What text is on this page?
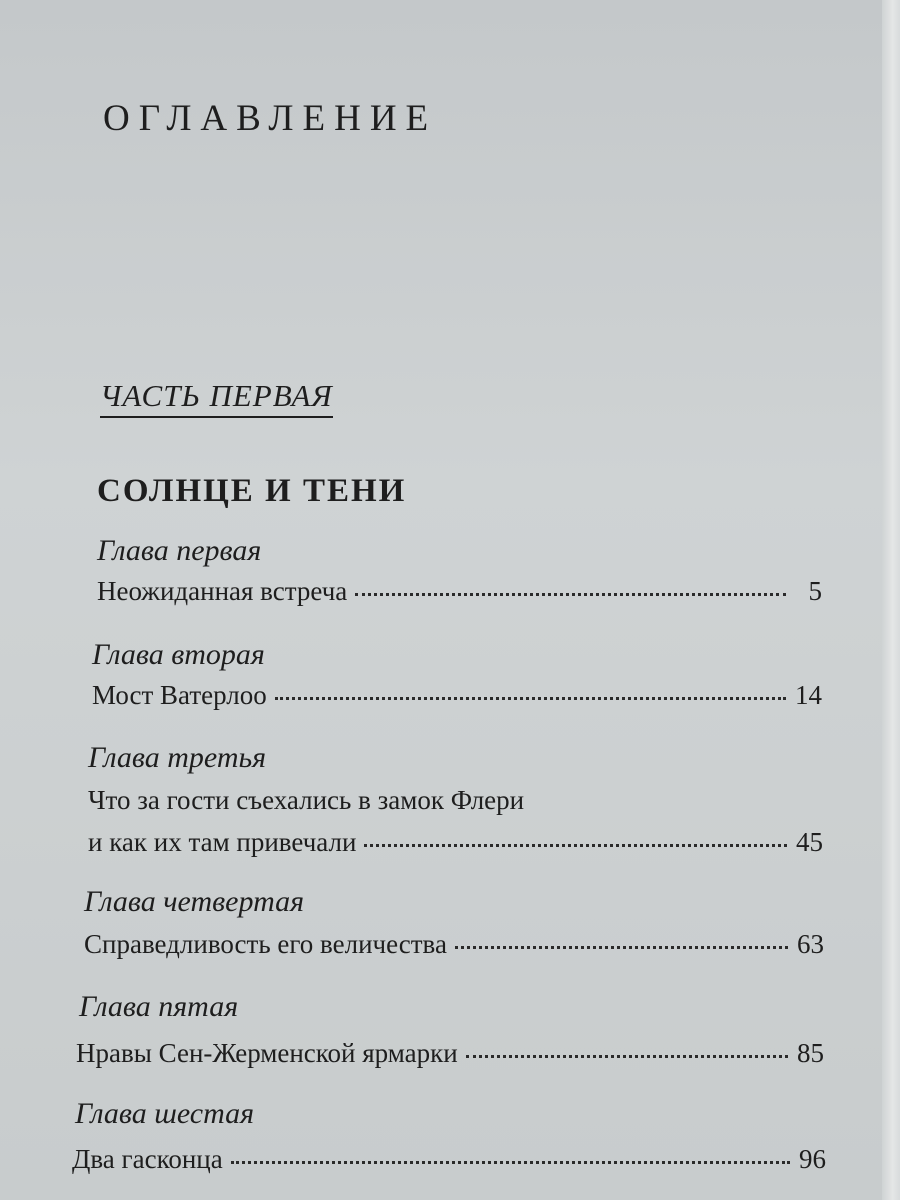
ОГЛАВЛЕНИЕ
ЧАСТЬ ПЕРВАЯ
СОЛНЦЕ И ТЕНИ
Глава первая
Неожиданная встреча	5
Глава вторая
Мост Ватерлоо	14
Глава третья
Что за гости съехались в замок Флери
и как их там привечали	45
Глава четвертая
Справедливость его величества	63
Глава пятая
Нравы Сен-Жерменской ярмарки	85
Глава шестая
Два гасконца	96
